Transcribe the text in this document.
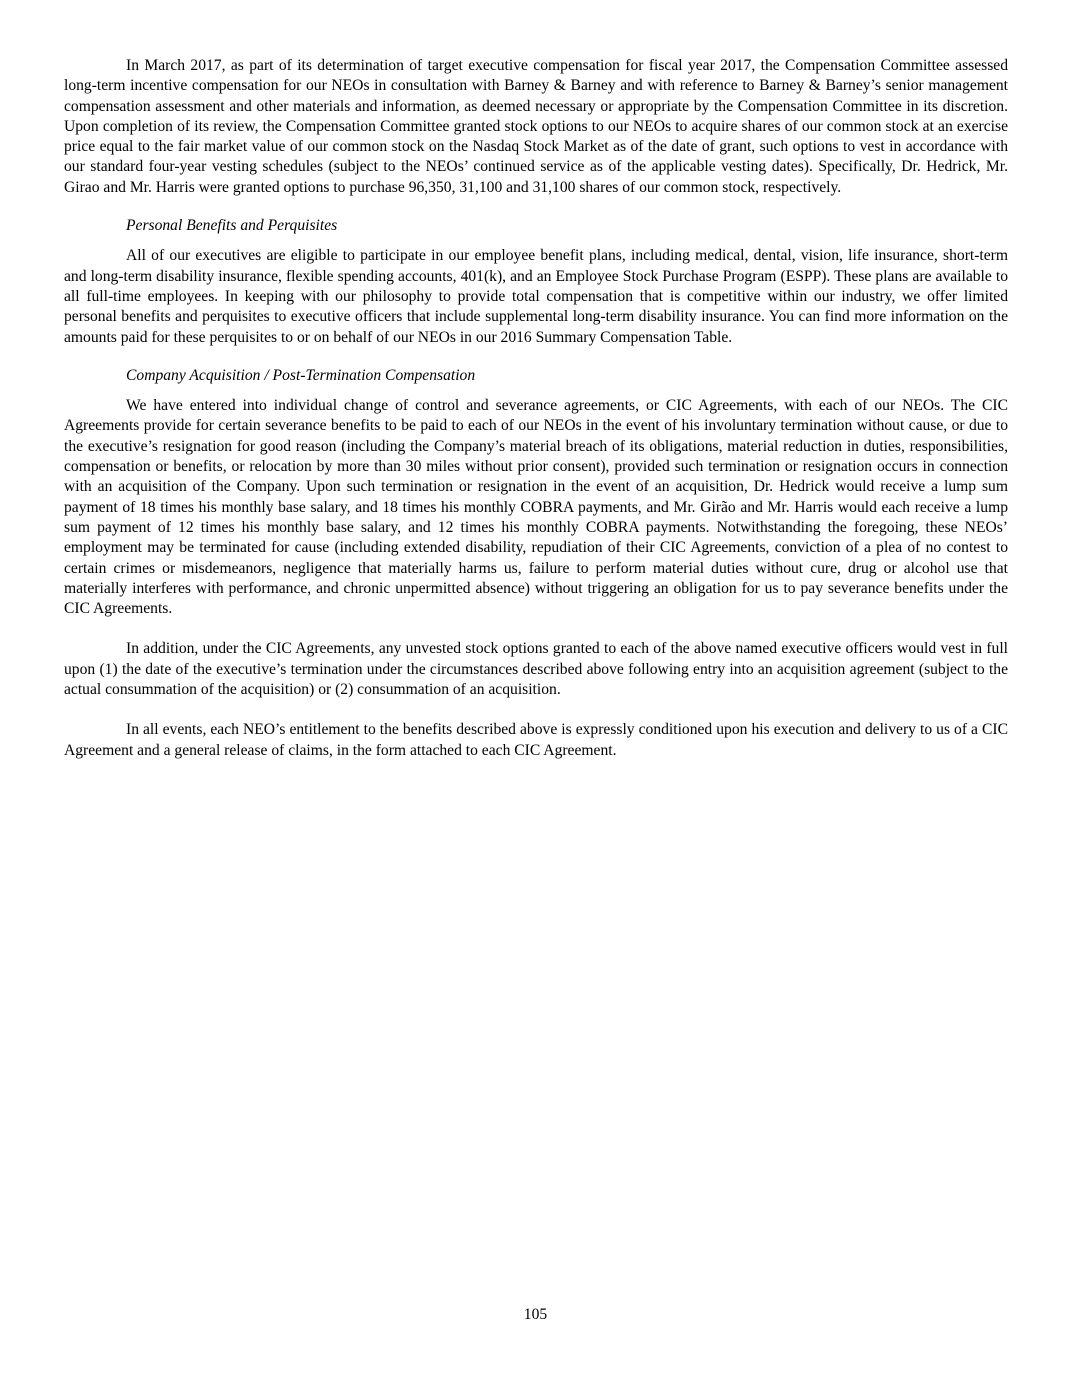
In March 2017, as part of its determination of target executive compensation for fiscal year 2017, the Compensation Committee assessed long-term incentive compensation for our NEOs in consultation with Barney & Barney and with reference to Barney & Barney’s senior management compensation assessment and other materials and information, as deemed necessary or appropriate by the Compensation Committee in its discretion. Upon completion of its review, the Compensation Committee granted stock options to our NEOs to acquire shares of our common stock at an exercise price equal to the fair market value of our common stock on the Nasdaq Stock Market as of the date of grant, such options to vest in accordance with our standard four-year vesting schedules (subject to the NEOs’ continued service as of the applicable vesting dates). Specifically, Dr. Hedrick, Mr. Girao and Mr. Harris were granted options to purchase 96,350, 31,100 and 31,100 shares of our common stock, respectively.

Personal Benefits and Perquisites

All of our executives are eligible to participate in our employee benefit plans, including medical, dental, vision, life insurance, short-term and long-term disability insurance, flexible spending accounts, 401(k), and an Employee Stock Purchase Program (ESPP). These plans are available to all full-time employees. In keeping with our philosophy to provide total compensation that is competitive within our industry, we offer limited personal benefits and perquisites to executive officers that include supplemental long-term disability insurance. You can find more information on the amounts paid for these perquisites to or on behalf of our NEOs in our 2016 Summary Compensation Table.

Company Acquisition / Post-Termination Compensation

We have entered into individual change of control and severance agreements, or CIC Agreements, with each of our NEOs. The CIC Agreements provide for certain severance benefits to be paid to each of our NEOs in the event of his involuntary termination without cause, or due to the executive’s resignation for good reason (including the Company’s material breach of its obligations, material reduction in duties, responsibilities, compensation or benefits, or relocation by more than 30 miles without prior consent), provided such termination or resignation occurs in connection with an acquisition of the Company. Upon such termination or resignation in the event of an acquisition, Dr. Hedrick would receive a lump sum payment of 18 times his monthly base salary, and 18 times his monthly COBRA payments, and Mr. Girão and Mr. Harris would each receive a lump sum payment of 12 times his monthly base salary, and 12 times his monthly COBRA payments. Notwithstanding the foregoing, these NEOs’ employment may be terminated for cause (including extended disability, repudiation of their CIC Agreements, conviction of a plea of no contest to certain crimes or misdemeanors, negligence that materially harms us, failure to perform material duties without cure, drug or alcohol use that materially interferes with performance, and chronic unpermitted absence) without triggering an obligation for us to pay severance benefits under the CIC Agreements.

In addition, under the CIC Agreements, any unvested stock options granted to each of the above named executive officers would vest in full upon (1) the date of the executive’s termination under the circumstances described above following entry into an acquisition agreement (subject to the actual consummation of the acquisition) or (2) consummation of an acquisition.

In all events, each NEO’s entitlement to the benefits described above is expressly conditioned upon his execution and delivery to us of a CIC Agreement and a general release of claims, in the form attached to each CIC Agreement.

105
